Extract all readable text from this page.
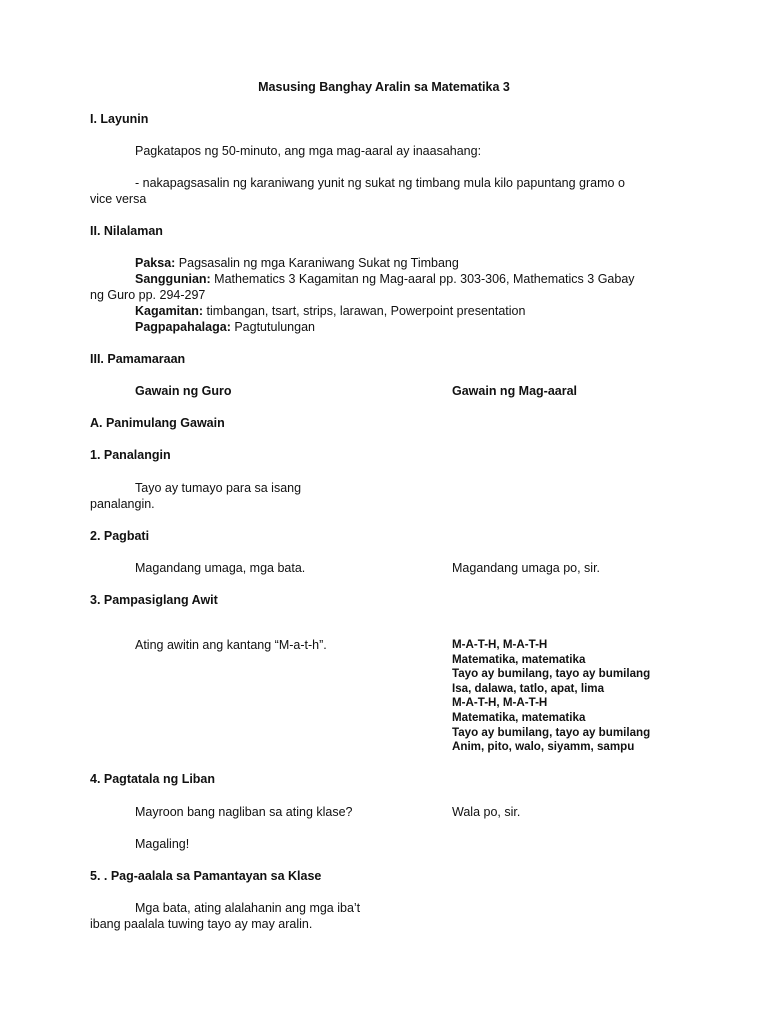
Masusing Banghay Aralin sa Matematika 3
I. Layunin
Pagkatapos ng 50-minuto, ang mga mag-aaral ay inaasahang:
- nakapagsasalin ng karaniwang yunit ng sukat ng timbang mula kilo papuntang gramo o
vice versa
II. Nilalaman
Paksa: Pagsasalin ng mga Karaniwang Sukat ng Timbang
Sanggunian: Mathematics 3 Kagamitan ng Mag-aaral pp. 303-306, Mathematics 3 Gabay
ng Guro pp. 294-297
Kagamitan: timbangan, tsart, strips, larawan, Powerpoint presentation
Pagpapahalaga: Pagtutulungan
III. Pamamaraan
Gawain ng Guro	Gawain ng Mag-aaral
A. Panimulang Gawain
1. Panalangin
Tayo ay tumayo para sa isang
panalangin.
2. Pagbati
Magandang umaga, mga bata.	Magandang umaga po, sir.
3. Pampasiglang Awit
Ating awitin ang kantang “M-a-t-h”.	M-A-T-H, M-A-T-H
Matematika, matematika
Tayo ay bumilang, tayo ay bumilang
Isa, dalawa, tatlo, apat, lima
M-A-T-H, M-A-T-H
Matematika, matematika
Tayo ay bumilang, tayo ay bumilang
Anim, pito, walo, siyamm, sampu
4. Pagtatala ng Liban
Mayroon bang nagliban sa ating klase?	Wala po, sir.
Magaling!
5. . Pag-aalala sa Pamantayan sa Klase
Mga bata, ating alalahanin ang mga iba’t
ibang paalala tuwing tayo ay may aralin.
